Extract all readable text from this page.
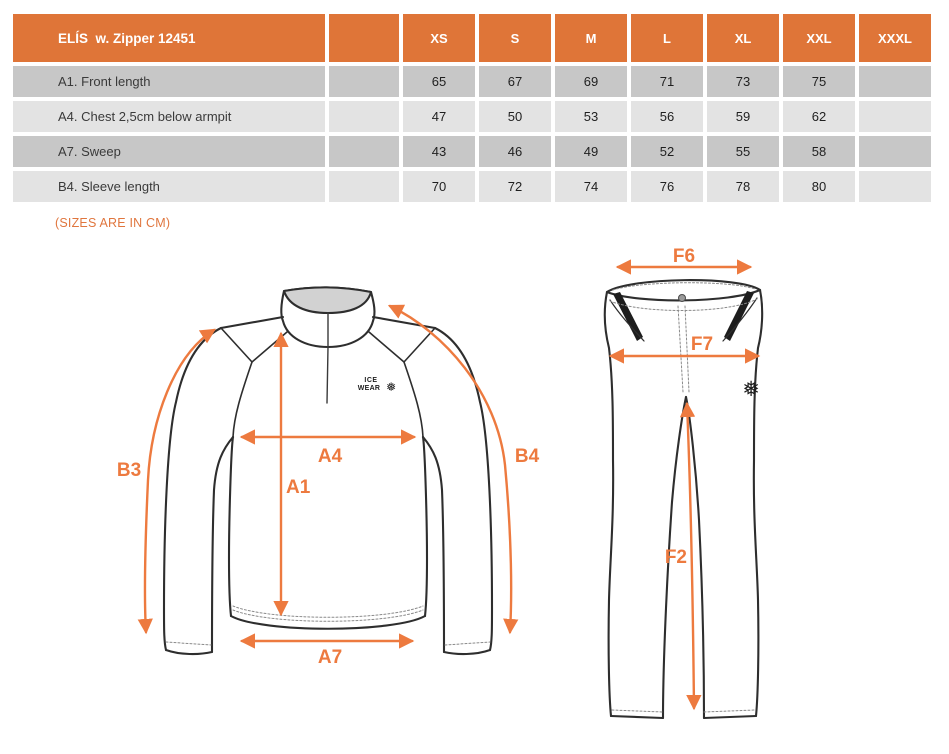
ELÍS  w. Zipper 12451	XS	S	M	L	XL	XXL	XXXL
A1. Front length	65	67	69	71	73	75
A4. Chest 2,5cm below armpit	47	50	53	56	59	62
A7. Sweep	43	46	49	52	55	58
B4. Sleeve length	70	72	74	76	78	80
(SIZES ARE IN CM)
ICE
WEAR ❅
B3
A4
A1
B4
A7
❅
F6
F7
F2
